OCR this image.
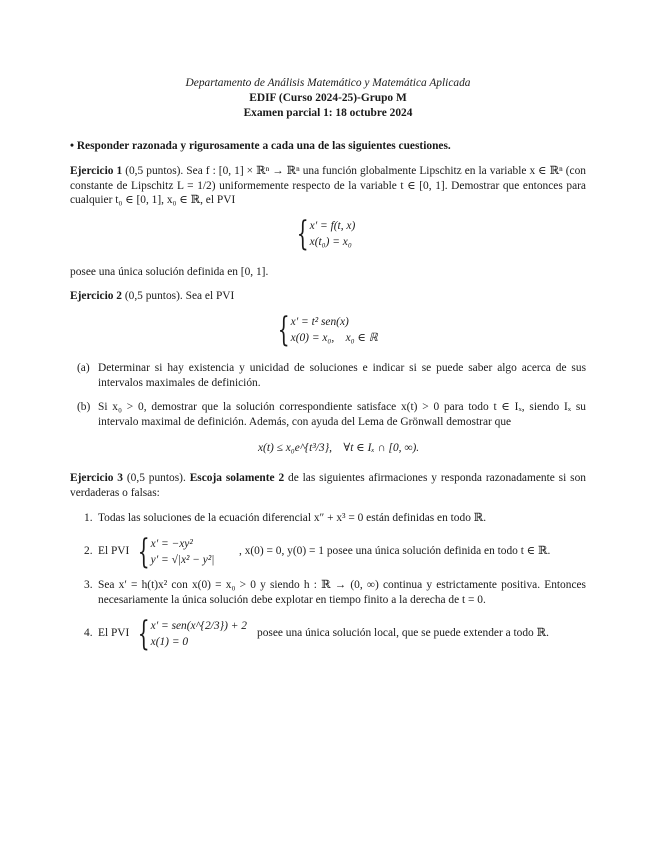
Departamento de Análisis Matemático y Matemática Aplicada
EDIF (Curso 2024-25)-Grupo M
Examen parcial 1: 18 octubre 2024
• Responder razonada y rigurosamente a cada una de las siguientes cuestiones.
Ejercicio 1 (0,5 puntos). Sea f : [0, 1] × ℝⁿ → ℝⁿ una función globalmente Lipschitz en la variable x ∈ ℝⁿ (con constante de Lipschitz L = 1/2) uniformemente respecto de la variable t ∈ [0, 1]. Demostrar que entonces para cualquier t₀ ∈ [0, 1], x₀ ∈ ℝ, el PVI
{ x′ = f(t, x)
x(t₀) = x₀
posee una única solución definida en [0, 1].
Ejercicio 2 (0,5 puntos). Sea el PVI
{ x′ = t² sen(x)
x(0) = x₀,    x₀ ∈ ℝ
(a) Determinar si hay existencia y unicidad de soluciones e indicar si se puede saber algo acerca de sus intervalos maximales de definición.
(b) Si x₀ > 0, demostrar que la solución correspondiente satisface x(t) > 0 para todo t ∈ Iₓ, siendo Iₓ su intervalo maximal de definición. Además, con ayuda del Lema de Grönwall demostrar que
x(t) ≤ x₀e^{t³/3},    ∀t ∈ Iₓ ∩ [0, ∞).
Ejercicio 3 (0,5 puntos). Escoja solamente 2 de las siguientes afirmaciones y responda razonadamente si son verdaderas o falsas:
1. Todas las soluciones de la ecuación diferencial x″ + x³ = 0 están definidas en todo ℝ.
2. El PVI { x′ = −xy²
y′ = √|x² − y²|
, x(0) = 0, y(0) = 1 posee una única solución definida en todo t ∈ ℝ.
3. Sea x′ = h(t)x² con x(0) = x₀ > 0 y siendo h : ℝ → (0, ∞) continua y estrictamente positiva. Entonces necesariamente la única solución debe explotar en tiempo finito a la derecha de t = 0.
4. El PVI { x′ = sen(x^{2/3}) + 2
x(1) = 0
posee una única solución local, que se puede extender a todo ℝ.
